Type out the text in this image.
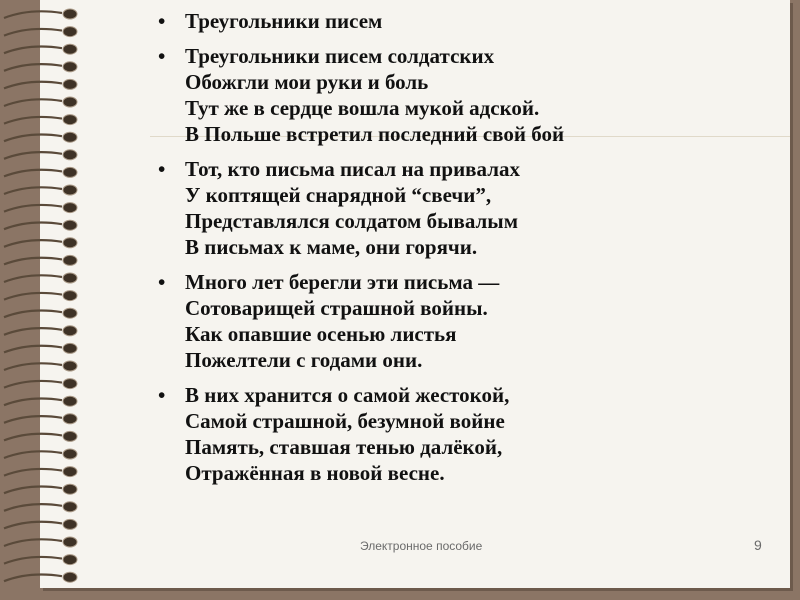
• Треугольники писем
• Треугольники писем солдатских
Обожгли мои руки и боль
Тут же в сердце вошла мукой адской.
В Польше встретил последний свой бой
• Тот, кто письма писал на привалах
У коптящей снарядной “свечи”,
Представлялся солдатом бывалым
В письмах к маме, они горячи.
• Много лет берегли эти письма —
Сотоварищей страшной войны.
Как опавшие осенью листья
Пожелтели с годами они.
• В них хранится о самой жестокой,
Самой страшной, безумной войне
Память, ставшая тенью далёкой,
Отражённая в новой весне.
Электронное пособие	9
